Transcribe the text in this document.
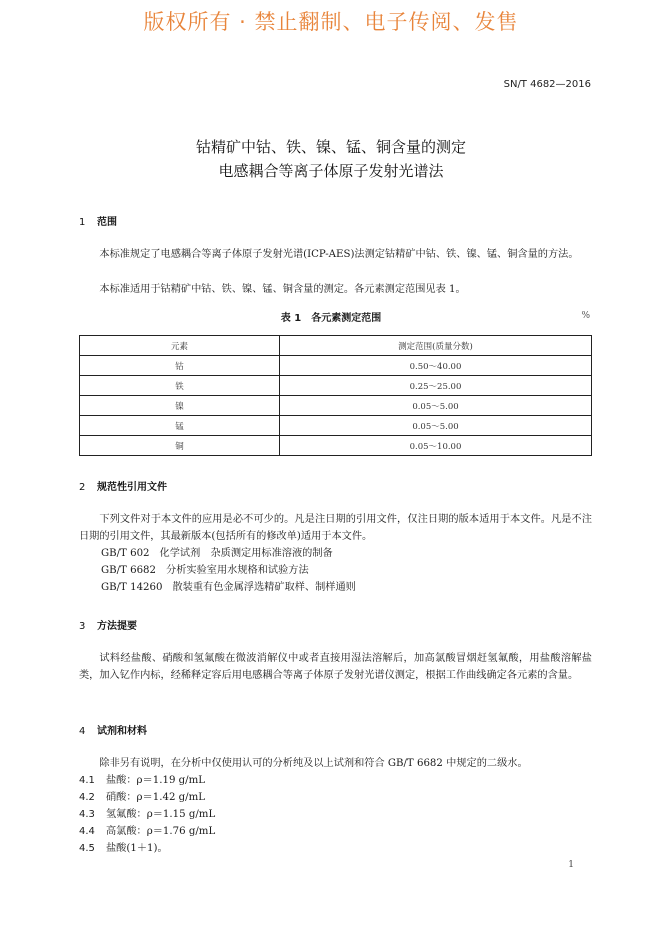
版权所有 · 禁止翻制、电子传阅、发售
SN/T 4682—2016
钴精矿中钴、铁、镍、锰、铜含量的测定
电感耦合等离子体原子发射光谱法
1 范围
本标准规定了电感耦合等离子体原子发射光谱(ICP-AES)法测定钴精矿中钴、铁、镍、锰、铜含量的方法。
本标准适用于钴精矿中钴、铁、镍、锰、铜含量的测定。各元素测定范围见表 1。
表 1　各元素测定范围	%
元素	测定范围(质量分数)
钴	0.50～40.00
铁	0.25～25.00
镍	0.05～5.00
锰	0.05～5.00
铜	0.05～10.00
2 规范性引用文件
下列文件对于本文件的应用是必不可少的。凡是注日期的引用文件，仅注日期的版本适用于本文件。凡是不注日期的引用文件，其最新版本(包括所有的修改单)适用于本文件。
GB/T 602 化学试剂　杂质测定用标准溶液的制备
GB/T 6682 分析实验室用水规格和试验方法
GB/T 14260 散装重有色金属浮选精矿取样、制样通则
3 方法提要
试料经盐酸、硝酸和氢氟酸在微波消解仪中或者直接用湿法溶解后，加高氯酸冒烟赶氢氟酸，用盐酸溶解盐类，加入钇作内标，经稀释定容后用电感耦合等离子体原子发射光谱仪测定，根据工作曲线确定各元素的含量。
4 试剂和材料
除非另有说明，在分析中仅使用认可的分析纯及以上试剂和符合 GB/T 6682 中规定的二级水。
4.1 盐酸：ρ＝1.19 g/mL
4.2 硝酸：ρ＝1.42 g/mL
4.3 氢氟酸：ρ＝1.15 g/mL
4.4 高氯酸：ρ＝1.76 g/mL
4.5 盐酸(1＋1)。
1
